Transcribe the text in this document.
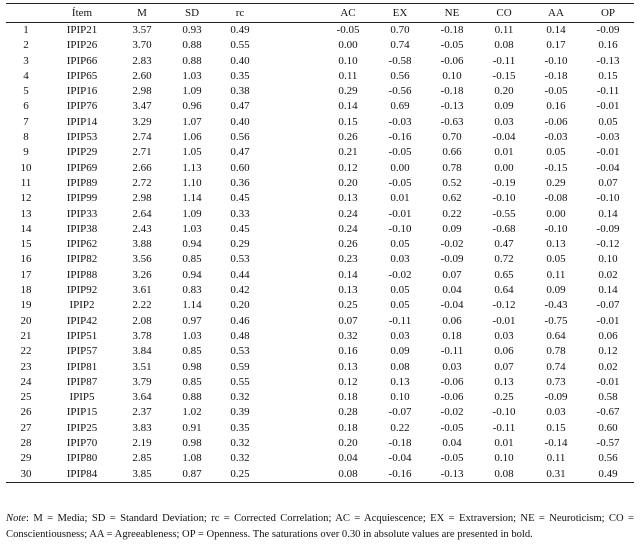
	Ítem	M	SD	rc		AC	EX	NE	CO	AA	OP
1	IPIP21	3.57	0.93	0.49		-0.05	0.70	-0.18	0.11	0.14	-0.09
2	IPIP26	3.70	0.88	0.55		0.00	0.74	-0.05	0.08	0.17	0.16
3	IPIP66	2.83	0.88	0.40		0.10	-0.58	-0.06	-0.11	-0.10	-0.13
4	IPIP65	2.60	1.03	0.35		0.11	0.56	0.10	-0.15	-0.18	0.15
5	IPIP16	2.98	1.09	0.38		0.29	-0.56	-0.18	0.20	-0.05	-0.11
6	IPIP76	3.47	0.96	0.47		0.14	0.69	-0.13	0.09	0.16	-0.01
7	IPIP14	3.29	1.07	0.40		0.15	-0.03	-0.63	0.03	-0.06	0.05
8	IPIP53	2.74	1.06	0.56		0.26	-0.16	0.70	-0.04	-0.03	-0.03
9	IPIP29	2.71	1.05	0.47		0.21	-0.05	0.66	0.01	0.05	-0.01
10	IPIP69	2.66	1.13	0.60		0.12	0.00	0.78	0.00	-0.15	-0.04
11	IPIP89	2.72	1.10	0.36		0.20	-0.05	0.52	-0.19	0.29	0.07
12	IPIP99	2.98	1.14	0.45		0.13	0.01	0.62	-0.10	-0.08	-0.10
13	IPIP33	2.64	1.09	0.33		0.24	-0.01	0.22	-0.55	0.00	0.14
14	IPIP38	2.43	1.03	0.45		0.24	-0.10	0.09	-0.68	-0.10	-0.09
15	IPIP62	3.88	0.94	0.29		0.26	0.05	-0.02	0.47	0.13	-0.12
16	IPIP82	3.56	0.85	0.53		0.23	0.03	-0.09	0.72	0.05	0.10
17	IPIP88	3.26	0.94	0.44		0.14	-0.02	0.07	0.65	0.11	0.02
18	IPIP92	3.61	0.83	0.42		0.13	0.05	0.04	0.64	0.09	0.14
19	IPIP2	2.22	1.14	0.20		0.25	0.05	-0.04	-0.12	-0.43	-0.07
20	IPIP42	2.08	0.97	0.46		0.07	-0.11	0.06	-0.01	-0.75	-0.01
21	IPIP51	3.78	1.03	0.48		0.32	0.03	0.18	0.03	0.64	0.06
22	IPIP57	3.84	0.85	0.53		0.16	0.09	-0.11	0.06	0.78	0.12
23	IPIP81	3.51	0.98	0.59		0.13	0.08	0.03	0.07	0.74	0.02
24	IPIP87	3.79	0.85	0.55		0.12	0.13	-0.06	0.13	0.73	-0.01
25	IPIP5	3.64	0.88	0.32		0.18	0.10	-0.06	0.25	-0.09	0.58
26	IPIP15	2.37	1.02	0.39		0.28	-0.07	-0.02	-0.10	0.03	-0.67
27	IPIP25	3.83	0.91	0.35		0.18	0.22	-0.05	-0.11	0.15	0.60
28	IPIP70	2.19	0.98	0.32		0.20	-0.18	0.04	0.01	-0.14	-0.57
29	IPIP80	2.85	1.08	0.32		0.04	-0.04	-0.05	0.10	0.11	0.56
30	IPIP84	3.85	0.87	0.25		0.08	-0.16	-0.13	0.08	0.31	0.49
Note: M = Media; SD = Standard Deviation; rc = Corrected Correlation; AC = Acquiescence; EX = Extraversion; NE = Neuroticism; CO = Conscientiousness; AA = Agreeableness; OP = Openness. The saturations over 0.30 in absolute values are presented in bold.
